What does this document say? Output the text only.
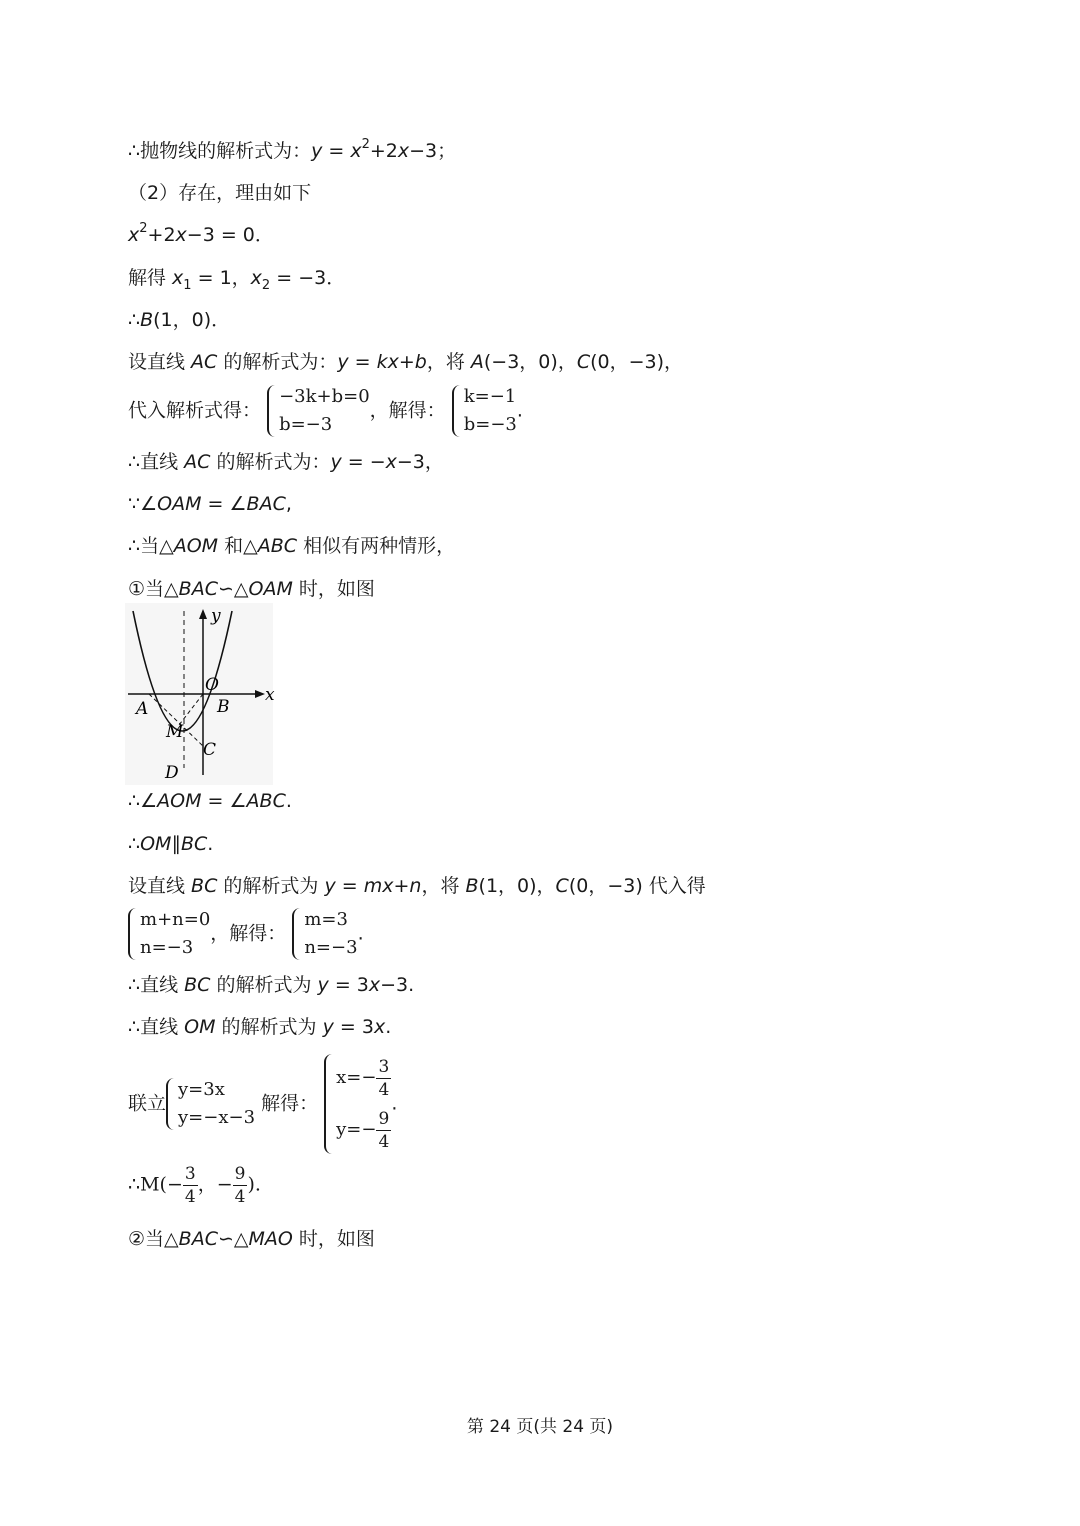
∴抛物线的解析式为：$y = x^2+2x-3$；
（2）存在，理由如下
$x^2+2x-3 = 0$．
解得 $x_1 = 1$，$x_2 = -3$．
∴B(1，0)．
设直线 AC 的解析式为：y = kx+b，将 A(−3，0)，C(0，−3)，
代入解析式得：
−3k+b=0
b=−3
，解得：
k=−1
b=−3
.
∴直线 AC 的解析式为：y = −x−3，
∵∠OAM = ∠BAC,
∴当△AOM 和△ABC 相似有两种情形，
①当△BAC∽△OAM 时，如图
y
x
O
A	B
M
C
D
∴∠AOM = ∠ABC.
∴OM∥BC.
设直线 BC 的解析式为 y = mx+n，将 B(1，0)，C(0，−3) 代入得
m+n=0
n=−3
，解得：
m=3
n=−3
.
∴直线 BC 的解析式为 y = 3x−3.
∴直线 OM 的解析式为 y = 3x.
联立
y=3x
y=−x−3
解得：
$x=- \frac{3}{4}$
$y=- \frac{9}{4}$
.
∴M(− $\frac{3}{4}$ ，− $\frac{9}{4}$ ).
②当△BAC∽△MAO 时，如图
第 24 页(共 24 页)
